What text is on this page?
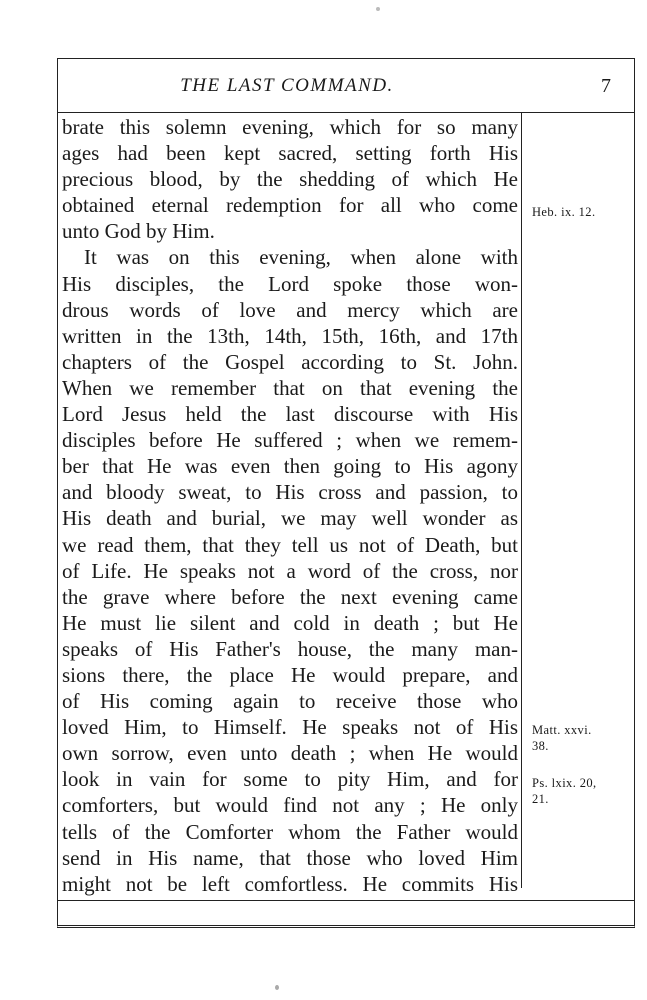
THE LAST COMMAND.	7
brate this solemn evening, which for so many
ages had been kept sacred, setting forth His
precious blood, by the shedding of which He
obtained eternal redemption for all who come
unto God by Him.
It was on this evening, when alone with
His disciples, the Lord spoke those won-
drous words of love and mercy which are
written in the 13th, 14th, 15th, 16th, and 17th
chapters of the Gospel according to St. John.
When we remember that on that evening the
Lord Jesus held the last discourse with His
disciples before He suffered ; when we remem-
ber that He was even then going to His agony
and bloody sweat, to His cross and passion, to
His death and burial, we may well wonder as
we read them, that they tell us not of Death, but
of Life. He speaks not a word of the cross, nor
the grave where before the next evening came
He must lie silent and cold in death ; but He
speaks of His Father's house, the many man-
sions there, the place He would prepare, and
of His coming again to receive those who
loved Him, to Himself. He speaks not of His
own sorrow, even unto death ; when He would
look in vain for some to pity Him, and for
comforters, but would find not any ; He only
tells of the Comforter whom the Father would
send in His name, that those who loved Him
might not be left comfortless. He commits His
Heb. ix. 12.
Matt. xxvi.
38.
Ps. lxix. 20,
21.
